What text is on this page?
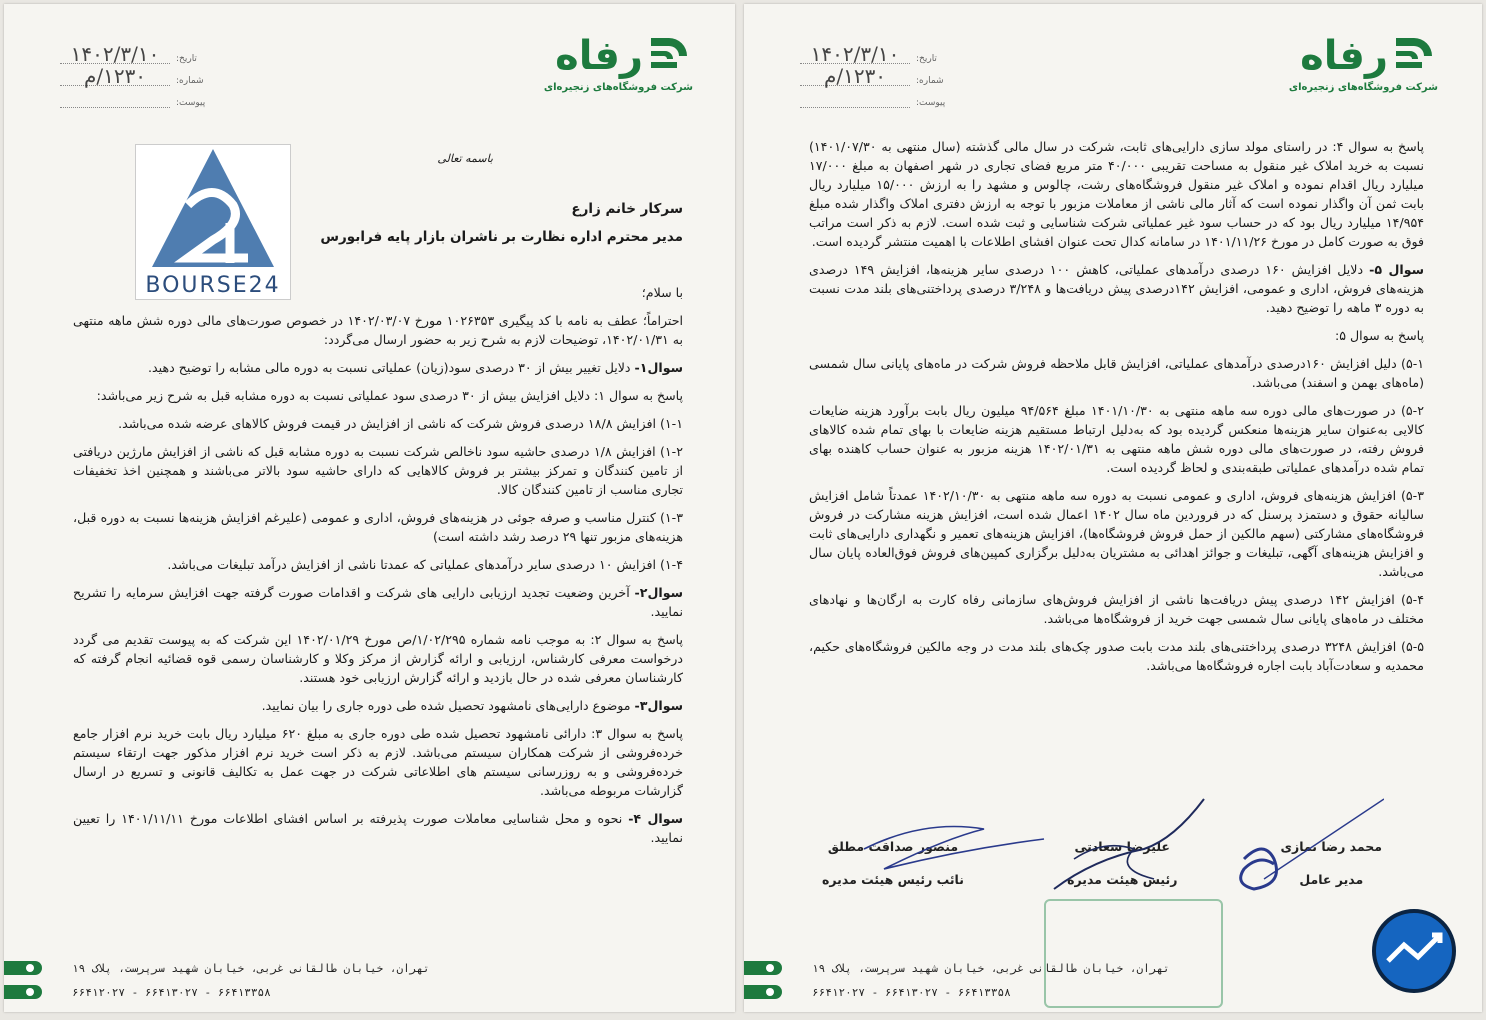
رفاه
شرکت فروشگاه‌های زنجیره‌ای
تاریخ:
۱۴۰۲/۳/۱۰
شماره:
۱۲۳۰/م
پیوست:
BOURSE24
باسمه تعالی

سرکار خانم زارع

مدیر محترم اداره نظارت بر ناشران بازار پایه فرابورس

با سلام؛

احتراماً؛ عطف به نامه با کد پیگیری ۱۰۲۶۳۵۳ مورخ ۱۴۰۲/۰۳/۰۷ در خصوص صورت‌های مالی دوره شش ماهه منتهی به ۱۴۰۲/۰۱/۳۱، توضیحات لازم به شرح زیر به حضور ارسال می‌گردد:

سوال۱- دلایل تغییر بیش از ۳۰ درصدی سود(زیان) عملیاتی نسبت به دوره مالی مشابه را توضیح دهید.

پاسخ به سوال ۱: دلایل افزایش بیش از ۳۰ درصدی سود عملیاتی نسبت به دوره مشابه قبل به شرح زیر می‌باشد:

۱-۱) افزایش ۱۸/۸ درصدی فروش شرکت که ناشی از افزایش در قیمت فروش کالاهای عرضه شده می‌باشد.

۱-۲) افزایش ۱/۸ درصدی حاشیه سود ناخالص شرکت نسبت به دوره مشابه قبل که ناشی از افزایش مارژین دریافتی از تامین کنندگان و تمرکز بیشتر بر فروش کالاهایی که دارای حاشیه سود بالاتر می‌باشند و همچنین اخذ تخفیفات تجاری مناسب از تامین کنندگان کالا.

۱-۳) کنترل مناسب و صرفه جوئی در هزینه‌های فروش، اداری و عمومی (علیرغم افزایش هزینه‌ها نسبت به دوره قبل، هزینه‌های مزبور تنها ۲۹ درصد رشد داشته است)

۱-۴) افزایش ۱۰ درصدی سایر درآمدهای عملیاتی که عمدتا ناشی از افزایش درآمد تبلیغات می‌باشد.

سوال۲- آخرین وضعیت تجدید ارزیابی دارایی های شرکت و اقدامات صورت گرفته جهت افزایش سرمایه را تشریح نمایید.

پاسخ به سوال ۲: به موجب نامه شماره ۱/۰۲/۲۹۵/ص مورخ ۱۴۰۲/۰۱/۲۹ این شرکت که به پیوست تقدیم می گردد درخواست معرفی کارشناس، ارزیابی و ارائه گزارش از مرکز وکلا و کارشناسان رسمی قوه قضائیه انجام گرفته که کارشناسان معرفی شده در حال بازدید و ارائه گزارش ارزیابی خود هستند.

سوال۳- موضوع دارایی‌های نامشهود تحصیل شده طی دوره جاری را بیان نمایید.

پاسخ به سوال ۳: دارائی نامشهود تحصیل شده طی دوره جاری به مبلغ ۶۲۰ میلیارد ریال بابت خرید نرم افزار جامع خرده‌فروشی از شرکت همکاران سیستم می‌باشد. لازم به ذکر است خرید نرم افزار مذکور جهت ارتقاء سیستم خرده‌فروشی و به روزرسانی سیستم های اطلاعاتی شرکت در جهت عمل به تکالیف قانونی و تسریع در ارسال گزارشات مربوطه می‌باشد.

سوال ۴- نحوه و محل شناسایی معاملات صورت پذیرفته بر اساس افشای اطلاعات مورخ ۱۴۰۱/۱۱/۱۱ را تعیین نمایید.

تهران، خیابان طالقانی غربی، خیابان شهید سرپرست، پلاک ۱۹
۶۶۴۱۳۳۵۸ - ۶۶۴۱۳۰۲۷ - ۶۶۴۱۲۰۲۷
رفاه
شرکت فروشگاه‌های زنجیره‌ای
تاریخ:
۱۴۰۲/۳/۱۰
شماره:
۱۲۳۰/م
پیوست:

پاسخ به سوال ۴: در راستای مولد سازی دارایی‌های ثابت، شرکت در سال مالی گذشته (سال منتهی به ۱۴۰۱/۰۷/۳۰) نسبت به خرید املاک غیر منقول به مساحت تقریبی ۴۰/۰۰۰ متر مربع فضای تجاری در شهر اصفهان به مبلغ ۱۷/۰۰۰ میلیارد ریال اقدام نموده و املاک غیر منقول فروشگاه‌های رشت، چالوس و مشهد را به ارزش ۱۵/۰۰۰ میلیارد ریال بابت ثمن آن واگذار نموده است که آثار مالی ناشی از معاملات مزبور با توجه به ارزش دفتری املاک واگذار شده مبلغ ۱۴/۹۵۴ میلیارد ریال بود که در حساب سود غیر عملیاتی شرکت شناسایی و ثبت شده است. لازم به ذکر است مراتب فوق به صورت کامل در مورخ ۱۴۰۱/۱۱/۲۶ در سامانه کدال تحت عنوان افشای اطلاعات با اهمیت منتشر گردیده است.

سوال ۵- دلایل افزایش ۱۶۰ درصدی درآمدهای عملیاتی، کاهش ۱۰۰ درصدی سایر هزینه‌ها، افزایش ۱۴۹ درصدی هزینه‌های فروش، اداری و عمومی، افزایش ۱۴۲درصدی پیش دریافت‌ها و ۳/۲۴۸ درصدی پرداختنی‌های بلند مدت نسبت به دوره ۳ ماهه را توضیح دهید.

پاسخ به سوال ۵:

۵-۱) دلیل افزایش ۱۶۰درصدی درآمدهای عملیاتی، افزایش قابل ملاحظه فروش شرکت در ماه‌های پایانی سال شمسی (ماه‌های بهمن و اسفند) می‌باشد.

۵-۲) در صورت‌های مالی دوره سه ماهه منتهی به ۱۴۰۱/۱۰/۳۰ مبلغ ۹۴/۵۶۴ میلیون ریال بابت برآورد هزینه ضایعات کالایی به‌عنوان سایر هزینه‌ها منعکس گردیده بود که به‌دلیل ارتباط مستقیم هزینه ضایعات با بهای تمام شده کالاهای فروش رفته، در صورت‌های مالی دوره شش ماهه منتهی به ۱۴۰۲/۰۱/۳۱ هزینه مزبور به عنوان حساب کاهنده بهای تمام شده درآمدهای عملیاتی طبقه‌بندی و لحاظ گردیده است.

۵-۳) افزایش هزینه‌های فروش، اداری و عمومی نسبت به دوره سه ماهه منتهی به ۱۴۰۲/۱۰/۳۰ عمدتاً شامل افزایش سالیانه حقوق و دستمزد پرسنل که در فروردین ماه سال ۱۴۰۲ اعمال شده است، افزایش هزینه مشارکت در فروش فروشگاه‌های مشارکتی (سهم مالکین از حمل فروش فروشگاه‌ها)، افزایش هزینه‌های تعمیر و نگهداری دارایی‌های ثابت و افزایش هزینه‌های آگهی، تبلیغات و جوائز اهدائی به مشتریان به‌دلیل برگزاری کمپین‌های فروش فوق‌العاده پایان سال می‌باشد.

۵-۴) افزایش ۱۴۲ درصدی پیش دریافت‌ها ناشی از افزایش فروش‌های سازمانی رفاه کارت به ارگان‌ها و نهادهای مختلف در ماه‌های پایانی سال شمسی جهت خرید از فروشگاه‌ها می‌باشد.

۵-۵) افزایش ۳۲۴۸ درصدی پرداختنی‌های بلند مدت بابت صدور چک‌های بلند مدت در وجه مالکین فروشگاه‌های حکیم، محمدیه و سعادت‌آباد بابت اجاره فروشگاه‌ها می‌باشد.

محمد رضا نمازی
مدیر عامل
علیرضا سعادتی
رئیس هیئت مدیره
منصور صداقت مطلق
نائب رئیس هیئت مدیره
تهران، خیابان طالقانی غربی، خیابان شهید سرپرست، پلاک ۱۹
۶۶۴۱۳۳۵۸ - ۶۶۴۱۳۰۲۷ - ۶۶۴۱۲۰۲۷
